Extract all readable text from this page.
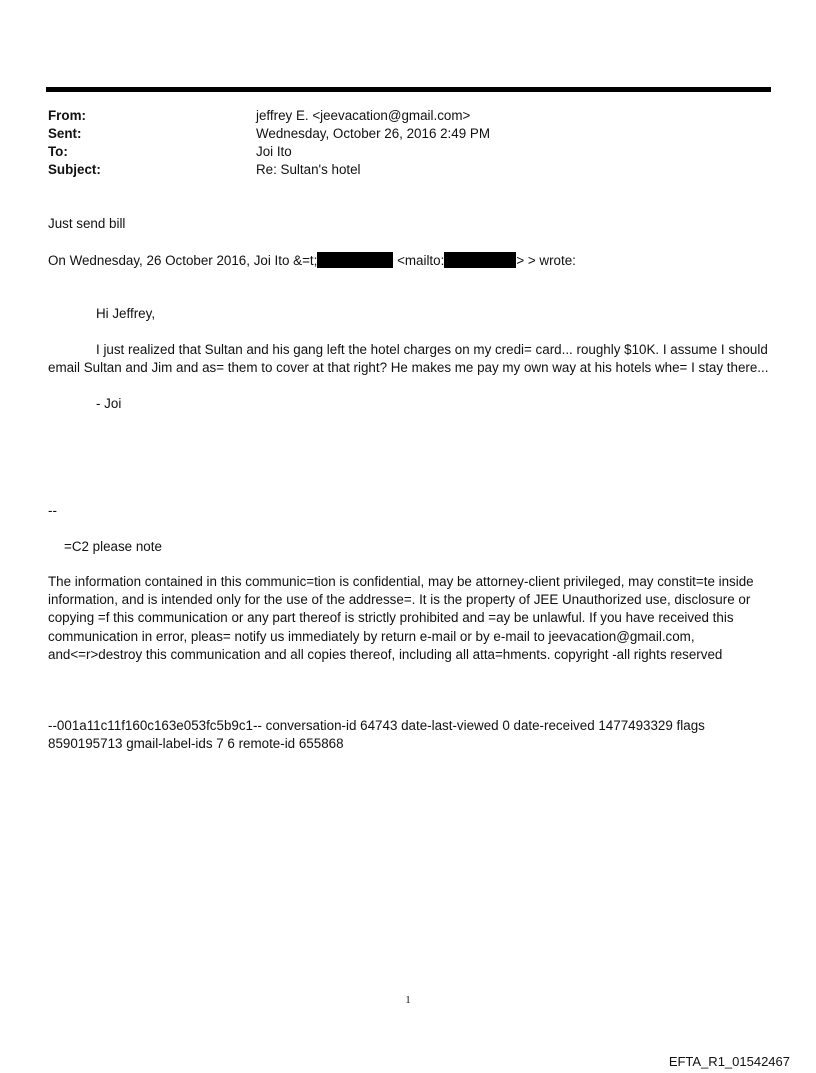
From:	jeffrey E. <jeevacation@gmail.com>
Sent:	Wednesday, October 26, 2016 2:49 PM
To:	Joi Ito
Subject:	Re: Sultan's hotel
Just send bill
On Wednesday, 26 October 2016, Joi Ito &=t;	<mailto:	> > wrote:
Hi Jeffrey,
I just realized that Sultan and his gang left the hotel charges on my credi= card... roughly $10K. I assume I should
email Sultan and Jim and as= them to cover at that right? He makes me pay my own way at his hotels whe= I stay there...
- Joi
--
=C2 please note
The information contained in this communic=tion is confidential, may be attorney-client privileged, may constit=te inside information, and is intended only for the use of the addresse=. It is the property of JEE Unauthorized use, disclosure or copying =f this communication or any part thereof is strictly prohibited and =ay be unlawful. If you have received this communication in error, pleas= notify us immediately by return e-mail or by e-mail to jeevacation@gmail.com, and<=r>destroy this communication and all copies thereof, including all atta=hments. copyright -all rights reserved
--001a11c11f160c163e053fc5b9c1-- conversation-id 64743 date-last-viewed 0 date-received 1477493329 flags 8590195713 gmail-label-ids 7 6 remote-id 655868
1
EFTA_R1_01542467
